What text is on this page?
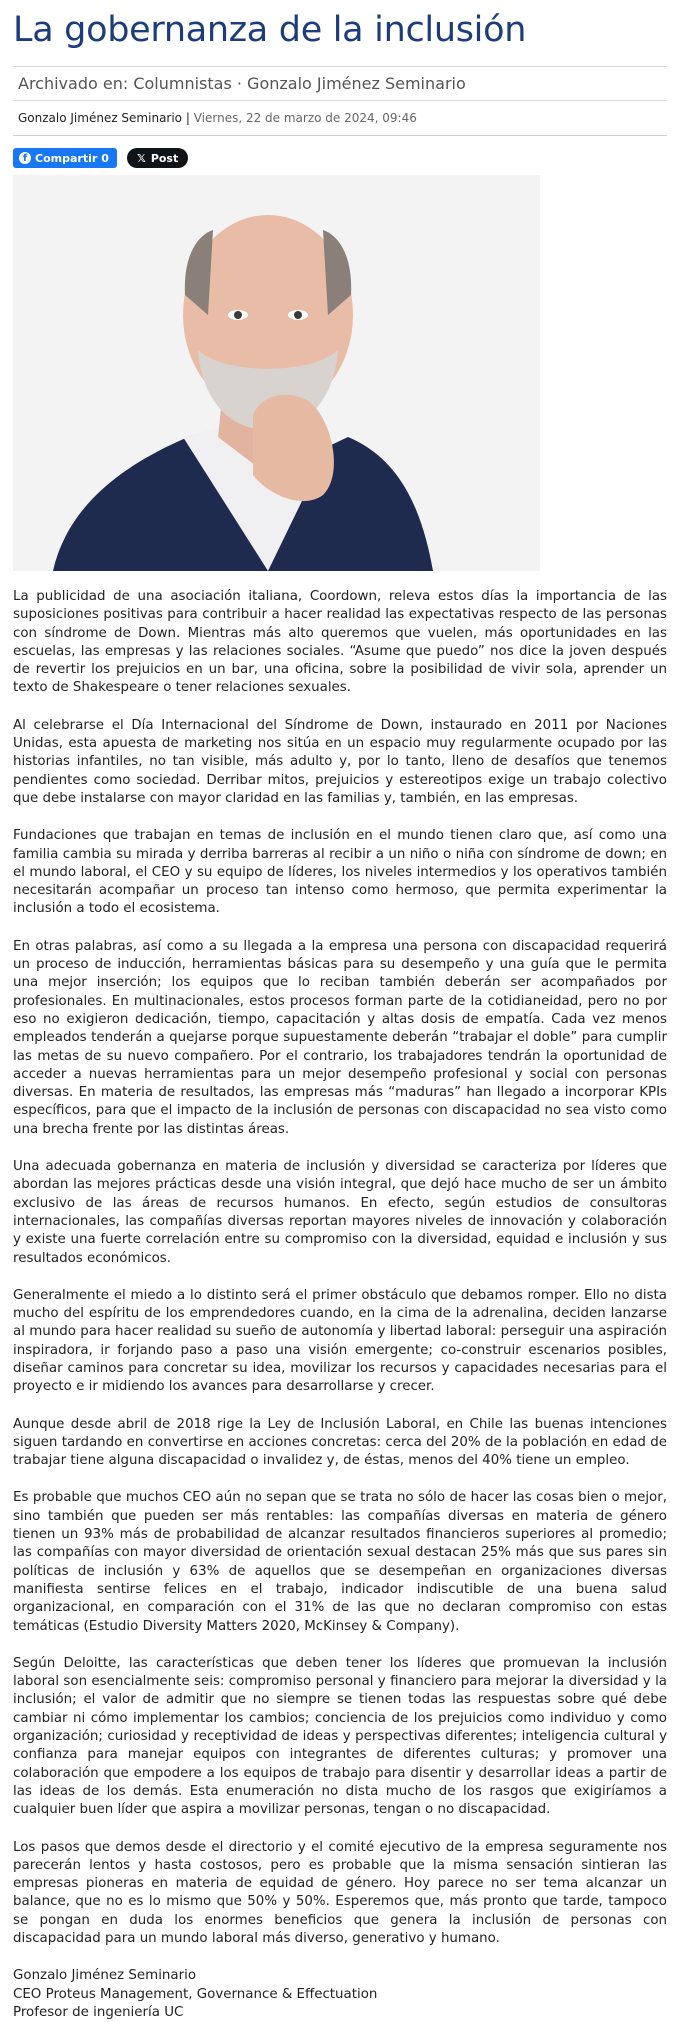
La gobernanza de la inclusión
Archivado en: Columnistas · Gonzalo Jiménez Seminario
Gonzalo Jiménez Seminario | Viernes, 22 de marzo de 2024, 09:46
f Compartir 0	𝕏 Post

La publicidad de una asociación italiana, Coordown, releva estos días la importancia de las suposiciones positivas para contribuir a hacer realidad las expectativas respecto de las personas con síndrome de Down. Mientras más alto queremos que vuelen, más oportunidades en las escuelas, las empresas y las relaciones sociales. “Asume que puedo” nos dice la joven después de revertir los prejuicios en un bar, una oficina, sobre la posibilidad de vivir sola, aprender un texto de Shakespeare o tener relaciones sexuales.

Al celebrarse el Día Internacional del Síndrome de Down, instaurado en 2011 por Naciones Unidas, esta apuesta de marketing nos sitúa en un espacio muy regularmente ocupado por las historias infantiles, no tan visible, más adulto y, por lo tanto, lleno de desafíos que tenemos pendientes como sociedad. Derribar mitos, prejuicios y estereotipos exige un trabajo colectivo que debe instalarse con mayor claridad en las familias y, también, en las empresas.

Fundaciones que trabajan en temas de inclusión en el mundo tienen claro que, así como una familia cambia su mirada y derriba barreras al recibir a un niño o niña con síndrome de down; en el mundo laboral, el CEO y su equipo de líderes, los niveles intermedios y los operativos también necesitarán acompañar un proceso tan intenso como hermoso, que permita experimentar la inclusión a todo el ecosistema.

En otras palabras, así como a su llegada a la empresa una persona con discapacidad requerirá un proceso de inducción, herramientas básicas para su desempeño y una guía que le permita una mejor inserción; los equipos que lo reciban también deberán ser acompañados por profesionales. En multinacionales, estos procesos forman parte de la cotidianeidad, pero no por eso no exigieron dedicación, tiempo, capacitación y altas dosis de empatía. Cada vez menos empleados tenderán a quejarse porque supuestamente deberán “trabajar el doble” para cumplir las metas de su nuevo compañero. Por el contrario, los trabajadores tendrán la oportunidad de acceder a nuevas herramientas para un mejor desempeño profesional y social con personas diversas. En materia de resultados, las empresas más “maduras” han llegado a incorporar KPIs específicos, para que el impacto de la inclusión de personas con discapacidad no sea visto como una brecha frente por las distintas áreas.

Una adecuada gobernanza en materia de inclusión y diversidad se caracteriza por líderes que abordan las mejores prácticas desde una visión integral, que dejó hace mucho de ser un ámbito exclusivo de las áreas de recursos humanos. En efecto, según estudios de consultoras internacionales, las compañías diversas reportan mayores niveles de innovación y colaboración y existe una fuerte correlación entre su compromiso con la diversidad, equidad e inclusión y sus resultados económicos.

Generalmente el miedo a lo distinto será el primer obstáculo que debamos romper. Ello no dista mucho del espíritu de los emprendedores cuando, en la cima de la adrenalina, deciden lanzarse al mundo para hacer realidad su sueño de autonomía y libertad laboral: perseguir una aspiración inspiradora, ir forjando paso a paso una visión emergente; co-construir escenarios posibles, diseñar caminos para concretar su idea, movilizar los recursos y capacidades necesarias para el proyecto e ir midiendo los avances para desarrollarse y crecer.

Aunque desde abril de 2018 rige la Ley de Inclusión Laboral, en Chile las buenas intenciones siguen tardando en convertirse en acciones concretas: cerca del 20% de la población en edad de trabajar tiene alguna discapacidad o invalidez y, de éstas, menos del 40% tiene un empleo.

Es probable que muchos CEO aún no sepan que se trata no sólo de hacer las cosas bien o mejor, sino también que pueden ser más rentables: las compañías diversas en materia de género tienen un 93% más de probabilidad de alcanzar resultados financieros superiores al promedio; las compañías con mayor diversidad de orientación sexual destacan 25% más que sus pares sin políticas de inclusión y 63% de aquellos que se desempeñan en organizaciones diversas manifiesta sentirse felices en el trabajo, indicador indiscutible de una buena salud organizacional, en comparación con el 31% de las que no declaran compromiso con estas temáticas (Estudio Diversity Matters 2020, McKinsey & Company).

Según Deloitte, las características que deben tener los líderes que promuevan la inclusión laboral son esencialmente seis: compromiso personal y financiero para mejorar la diversidad y la inclusión; el valor de admitir que no siempre se tienen todas las respuestas sobre qué debe cambiar ni cómo implementar los cambios; conciencia de los prejuicios como individuo y como organización; curiosidad y receptividad de ideas y perspectivas diferentes; inteligencia cultural y confianza para manejar equipos con integrantes de diferentes culturas; y promover una colaboración que empodere a los equipos de trabajo para disentir y desarrollar ideas a partir de las ideas de los demás. Esta enumeración no dista mucho de los rasgos que exigiríamos a cualquier buen líder que aspira a movilizar personas, tengan o no discapacidad.

Los pasos que demos desde el directorio y el comité ejecutivo de la empresa seguramente nos parecerán lentos y hasta costosos, pero es probable que la misma sensación sintieran las empresas pioneras en materia de equidad de género. Hoy parece no ser tema alcanzar un balance, que no es lo mismo que 50% y 50%. Esperemos que, más pronto que tarde, tampoco se pongan en duda los enormes beneficios que genera la inclusión de personas con discapacidad para un mundo laboral más diverso, generativo y humano.

Gonzalo Jiménez Seminario

CEO Proteus Management, Governance & Effectuation

Profesor de ingeniería UC
